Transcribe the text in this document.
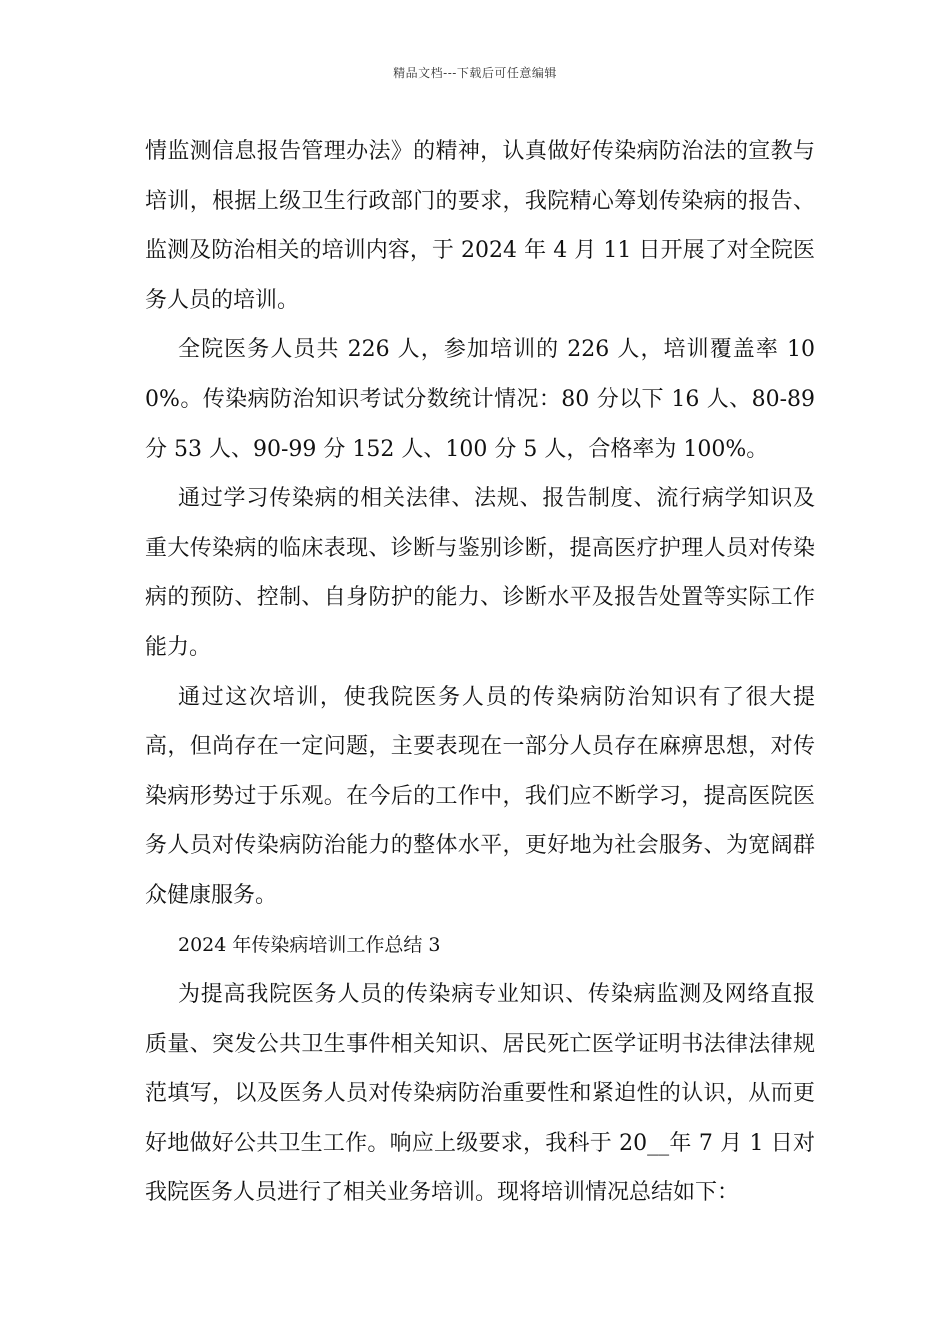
精品文档---下载后可任意编辑

情监测信息报告管理办法》的精神，认真做好传染病防治法的宣教与培训，根据上级卫生行政部门的要求，我院精心筹划传染病的报告、监测及防治相关的培训内容，于 2024 年 4 月 11 日开展了对全院医务人员的培训。

全院医务人员共 226 人，参加培训的 226 人，培训覆盖率 100%。传染病防治知识考试分数统计情况：80 分以下 16 人、80-89 分 53 人、90-99 分 152 人、100 分 5 人，合格率为 100%。

通过学习传染病的相关法律、法规、报告制度、流行病学知识及重大传染病的临床表现、诊断与鉴别诊断，提高医疗护理人员对传染病的预防、控制、自身防护的能力、诊断水平及报告处置等实际工作能力。

通过这次培训，使我院医务人员的传染病防治知识有了很大提高，但尚存在一定问题，主要表现在一部分人员存在麻痹思想，对传染病形势过于乐观。在今后的工作中，我们应不断学习，提高医院医务人员对传染病防治能力的整体水平，更好地为社会服务、为宽阔群众健康服务。

2024 年传染病培训工作总结 3

为提高我院医务人员的传染病专业知识、传染病监测及网络直报质量、突发公共卫生事件相关知识、居民死亡医学证明书法律法律规范填写，以及医务人员对传染病防治重要性和紧迫性的认识，从而更好地做好公共卫生工作。响应上级要求，我科于 20__年 7 月 1 日对我院医务人员进行了相关业务培训。现将培训情况总结如下：
